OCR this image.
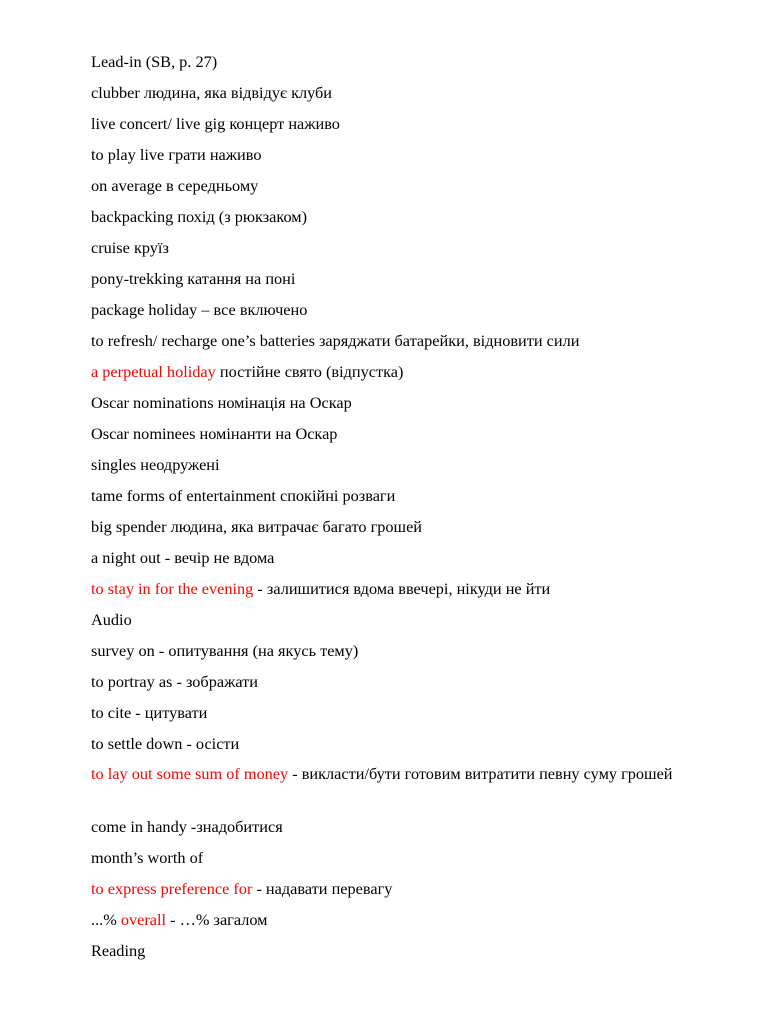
Lead-in (SB, p. 27)
clubber людина, яка відвідує клуби
live concert/ live gig концерт наживо
to play live грати наживо
on average в середньому
backpacking похід (з рюкзаком)
cruise круїз
pony-trekking катання на поні
package holiday – все включено
to refresh/ recharge one’s batteries заряджати батарейки, відновити сили
a perpetual holiday постійне свято (відпустка)
Oscar nominations номінація на Оскар
Oscar nominees номінанти на Оскар
singles неодружені
tame forms of entertainment спокійні розваги
big spender людина, яка витрачає багато грошей
a night out - вечір не вдома
to stay in for the evening - залишитися вдома ввечері, нікуди не йти
Audio
survey on - опитування (на якусь тему)
to portray as - зображати
to cite - цитувати
to settle down - осісти
to lay out some sum of money - викласти/бути готовим витратити певну суму грошей
come in handy -знадобитися
month’s worth of
to express preference for - надавати перевагу
...% overall - …% загалом
Reading
